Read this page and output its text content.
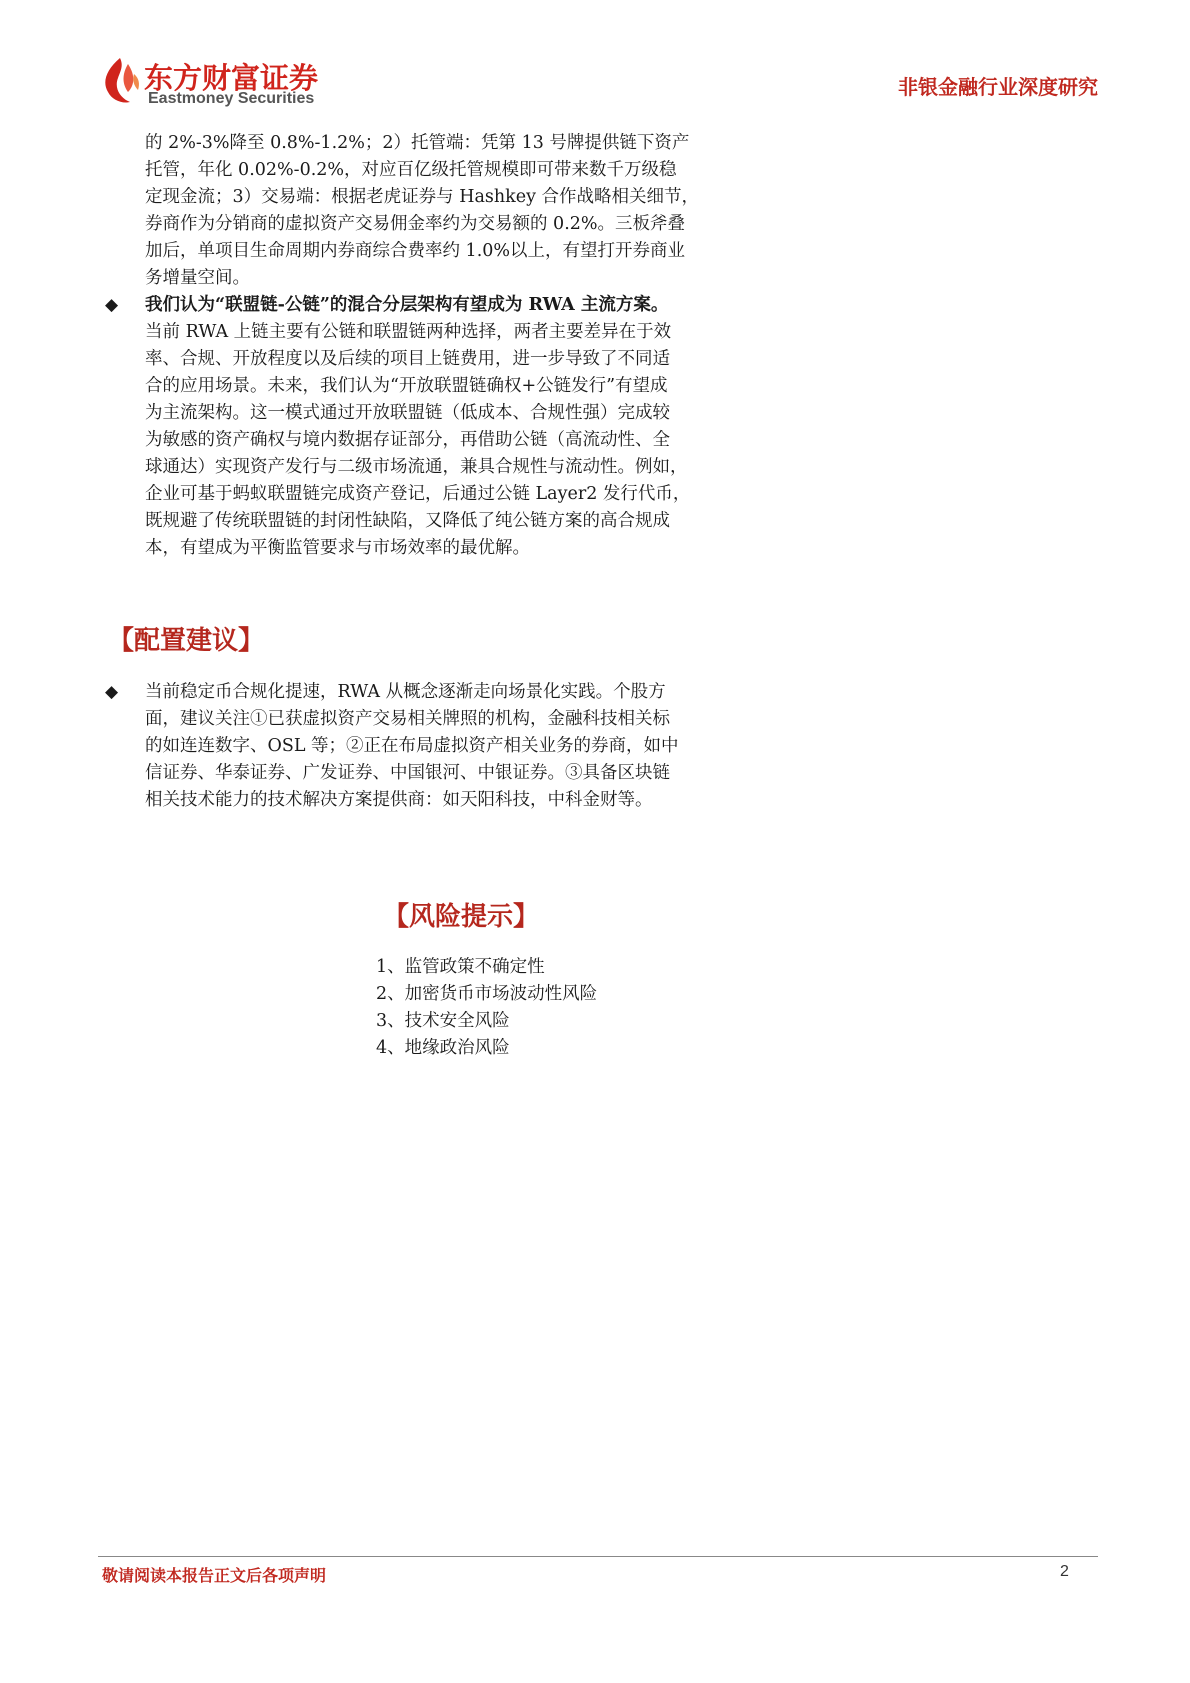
东方财富证券
Eastmoney Securities	非银金融行业深度研究

的 2%-3%降至 0.8%-1.2%；2）托管端：凭第 13 号牌提供链下资产

托管，年化 0.02%-0.2%，对应百亿级托管规模即可带来数千万级稳

定现金流；3）交易端：根据老虎证券与 Hashkey 合作战略相关细节，

券商作为分销商的虚拟资产交易佣金率约为交易额的 0.2%。三板斧叠

加后，单项目生命周期内券商综合费率约 1.0%以上，有望打开券商业

务增量空间。

◆ 我们认为“联盟链-公链”的混合分层架构有望成为 RWA 主流方案。

当前 RWA 上链主要有公链和联盟链两种选择，两者主要差异在于效

率、合规、开放程度以及后续的项目上链费用，进一步导致了不同适

合的应用场景。未来，我们认为“开放联盟链确权+公链发行”有望成

为主流架构。这一模式通过开放联盟链（低成本、合规性强）完成较

为敏感的资产确权与境内数据存证部分，再借助公链（高流动性、全

球通达）实现资产发行与二级市场流通，兼具合规性与流动性。例如，

企业可基于蚂蚁联盟链完成资产登记，后通过公链 Layer2 发行代币，

既规避了传统联盟链的封闭性缺陷，又降低了纯公链方案的高合规成

本，有望成为平衡监管要求与市场效率的最优解。

【配置建议】
◆ 当前稳定币合规化提速，RWA 从概念逐渐走向场景化实践。个股方

面，建议关注①已获虚拟资产交易相关牌照的机构，金融科技相关标

的如连连数字、OSL 等；②正在布局虚拟资产相关业务的券商，如中

信证券、华泰证券、广发证券、中国银河、中银证券。③具备区块链

相关技术能力的技术解决方案提供商：如天阳科技，中科金财等。

【风险提示】
1、监管政策不确定性
2、加密货币市场波动性风险
3、技术安全风险
4、地缘政治风险
敬请阅读本报告正文后各项声明	2
